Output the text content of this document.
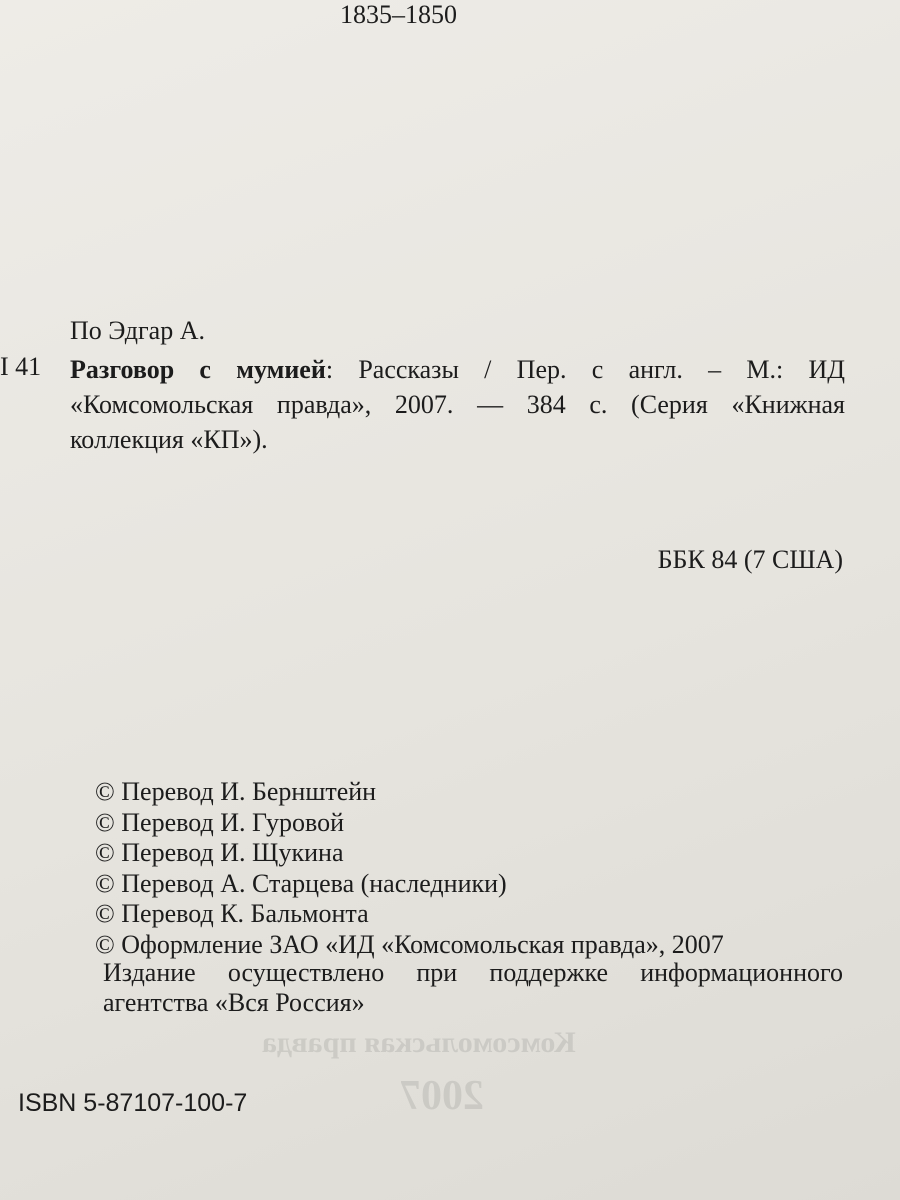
1835–1850
По Эдгар А.
I 41 Разговор с мумией: Рассказы / Пер. с англ. – М.: ИД
«Комсомольская правда», 2007. — 384 с. (Серия «Книжная
коллекция «КП»).
ББК 84 (7 США)
© Перевод И. Бернштейн
© Перевод И. Гуровой
© Перевод И. Щукина
© Перевод А. Старцева (наследники)
© Перевод К. Бальмонта
© Оформление ЗАО «ИД «Комсомольская правда», 2007
Издание осуществлено при поддержке информационного
агентства «Вся Россия»
Комсомольская правда
2007
ISBN 5-87107-100-7
